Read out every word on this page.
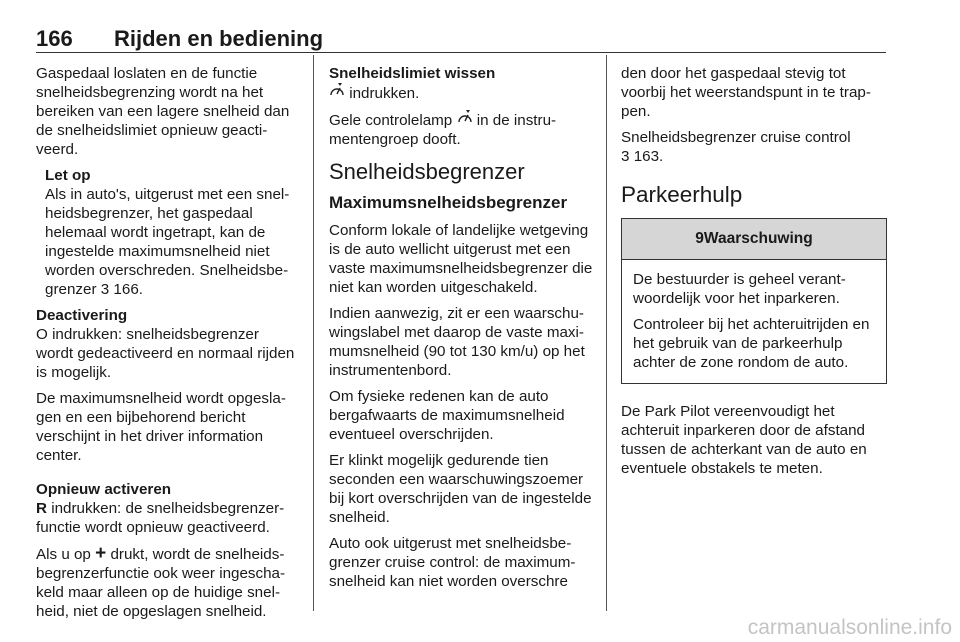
166 Rijden en bediening

Gaspedaal loslaten en de functie snelheidsbegrenzing wordt na het bereiken van een lagere snelheid dan de snelheidslimiet opnieuw geactiveerd.

Let op
Als in auto's, uitgerust met een snelheidsbegrenzer, het gaspedaal helemaal wordt ingetrapt, kan de ingestelde maximumsnelheid niet worden overschreden. Snelheidsbegrenzer 3 166.
Deactivering

O indrukken: snelheidsbegrenzer wordt gedeactiveerd en normaal rijden is mogelijk.

De maximumsnelheid wordt opgeslagen en een bijbehorend bericht verschijnt in het driver information center.

Opnieuw activeren

R indrukken: de snelheidsbegrenzerfunctie wordt opnieuw geactiveerd.

Als u op + drukt, wordt de snelheidsbegrenzerfunctie ook weer ingeschakeld maar alleen op de huidige snelheid, niet de opgeslagen snelheid.

Snelheidslimiet wissen

indrukken.

Gele controlelamp in de instrumentengroep dooft.

Snelheidsbegrenzer
Maximumsnelheidsbegrenzer

Conform lokale of landelijke wetgeving is de auto wellicht uitgerust met een vaste maximumsnelheidsbegrenzer die niet kan worden uitgeschakeld.

Indien aanwezig, zit er een waarschuwingslabel met daarop de vaste maximumsnelheid (90 tot 130 km/u) op het instrumentenbord.

Om fysieke redenen kan de auto bergafwaarts de maximumsnelheid eventueel overschrijden.

Er klinkt mogelijk gedurende tien seconden een waarschuwingszoemer bij kort overschrijden van de ingestelde snelheid.

Auto ook uitgerust met snelheidsbegrenzer cruise control: de maximumsnelheid kan niet worden overschre

den door het gaspedaal stevig tot voorbij het weerstandspunt in te trappen.

Snelheidsbegrenzer cruise control
3 163.

Parkeerhulp
9Waarschuwing

De bestuurder is geheel verantwoordelijk voor het inparkeren.

Controleer bij het achteruitrijden en het gebruik van de parkeerhulp achter de zone rondom de auto.

De Park Pilot vereenvoudigt het achteruit inparkeren door de afstand tussen de achterkant van de auto en eventuele obstakels te meten.

carmanualsonline.info
